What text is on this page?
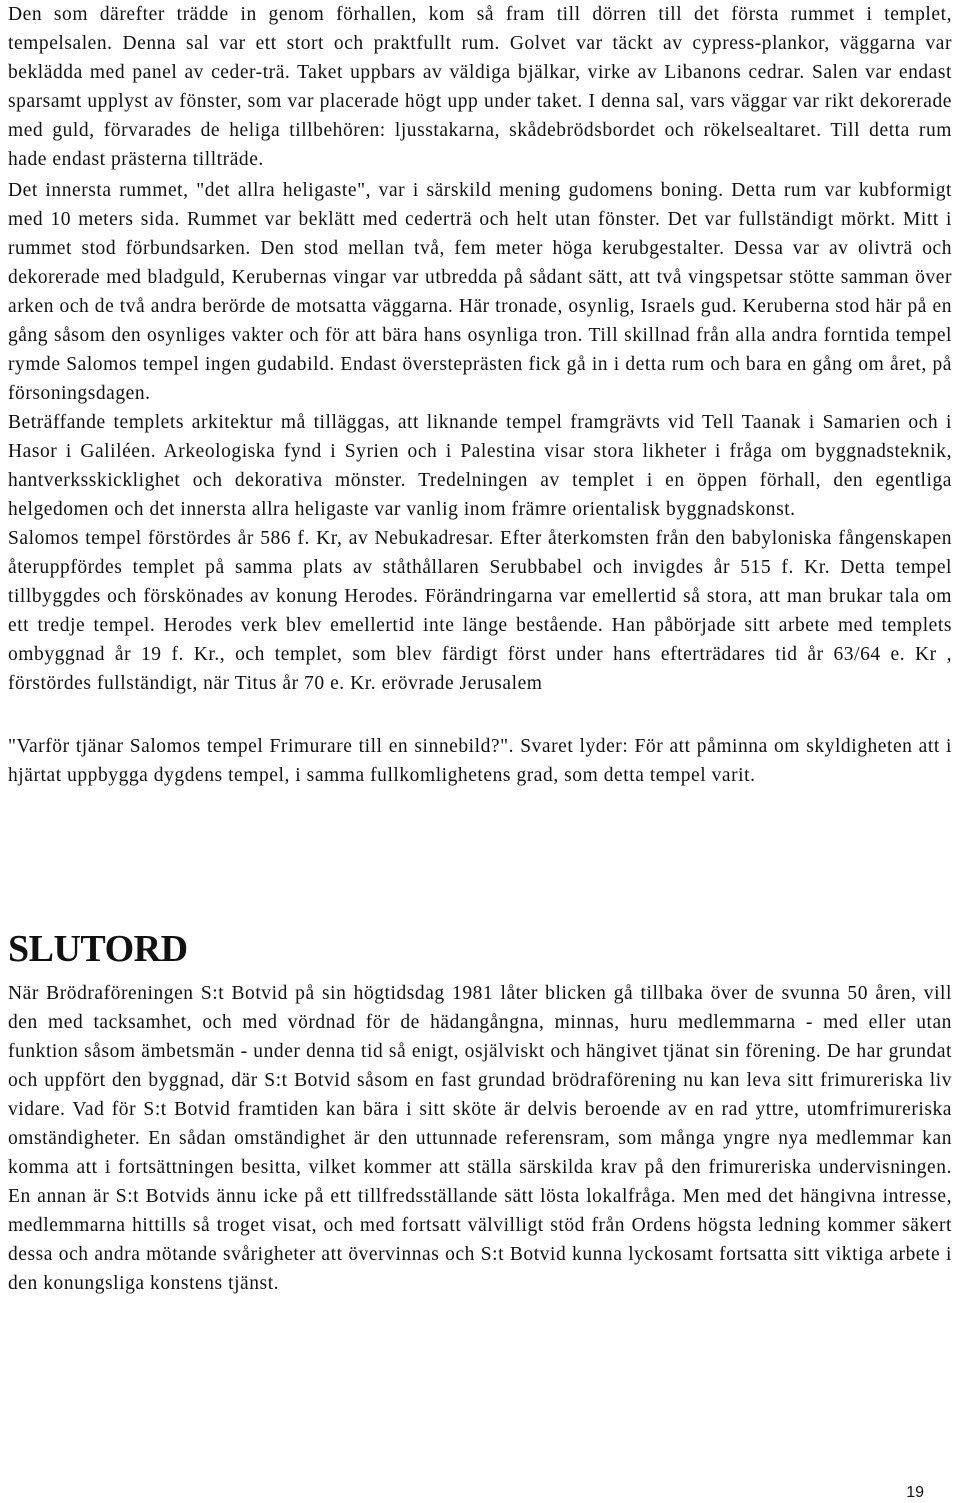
Den som därefter trädde in genom förhallen, kom så fram till dörren till det första rummet i templet, tempelsalen. Denna sal var ett stort och praktfullt rum. Golvet var täckt av cypress-plankor, väggarna var beklädda med panel av ceder-trä. Taket uppbars av väldiga bjälkar, virke av Libanons cedrar. Salen var endast sparsamt upplyst av fönster, som var placerade högt upp under taket. I denna sal, vars väggar var rikt dekorerade med guld, förvarades de heliga tillbehören: ljusstakarna, skådebrödsbordet och rökelsealtaret. Till detta rum hade endast prästerna tillträde.

Det innersta rummet, "det allra heligaste", var i särskild mening gudomens boning. Detta rum var kubformigt med 10 meters sida. Rummet var beklätt med cederträ och helt utan fönster. Det var fullständigt mörkt. Mitt i rummet stod förbundsarken. Den stod mellan två, fem meter höga kerubgestalter. Dessa var av olivträ och dekorerade med bladguld, Kerubernas vingar var utbredda på sådant sätt, att två vingspetsar stötte samman över arken och de två andra berörde de motsatta väggarna. Här tronade, osynlig, Israels gud. Keruberna stod här på en gång såsom den osynliges vakter och för att bära hans osynliga tron. Till skillnad från alla andra forntida tempel rymde Salomos tempel ingen gudabild. Endast översteprästen fick gå in i detta rum och bara en gång om året, på försoningsdagen.

Beträffande templets arkitektur må tilläggas, att liknande tempel framgrävts vid Tell Taanak i Samarien och i Hasor i Galiléen. Arkeologiska fynd i Syrien och i Palestina visar stora likheter i fråga om byggnadsteknik, hantverksskicklighet och dekorativa mönster. Tredelningen av templet i en öppen förhall, den egentliga helgedomen och det innersta allra heligaste var vanlig inom främre orientalisk byggnadskonst.

Salomos tempel förstördes år 586 f. Kr, av Nebukadresar. Efter återkomsten från den babyloniska fångenskapen återuppfördes templet på samma plats av ståthållaren Serubbabel och invigdes år 515 f. Kr. Detta tempel tillbyggdes och förskönades av konung Herodes. Förändringarna var emellertid så stora, att man brukar tala om ett tredje tempel. Herodes verk blev emellertid inte länge bestående. Han påbörjade sitt arbete med templets ombyggnad år 19 f. Kr., och templet, som blev färdigt först under hans efterträdares tid år 63/64 e. Kr , förstördes fullständigt, när Titus år 70 e. Kr. erövrade Jerusalem

"Varför tjänar Salomos tempel Frimurare till en sinnebild?". Svaret lyder: För att påminna om skyldigheten att i hjärtat uppbygga dygdens tempel, i samma fullkomlighetens grad, som detta tempel varit.

SLUTORD

När Brödraföreningen S:t Botvid på sin högtidsdag 1981 låter blicken gå tillbaka över de svunna 50 åren, vill den med tacksamhet, och med vördnad för de hädangångna, minnas, huru medlemmarna - med eller utan funktion såsom ämbetsmän - under denna tid så enigt, osjälviskt och hängivet tjänat sin förening. De har grundat och uppfört den byggnad, där S:t Botvid såsom en fast grundad brödraförening nu kan leva sitt frimureriska liv vidare. Vad för S:t Botvid framtiden kan bära i sitt sköte är delvis beroende av en rad yttre, utomfrimureriska omständigheter. En sådan omständighet är den uttunnade referensram, som många yngre nya medlemmar kan komma att i fortsättningen besitta, vilket kommer att ställa särskilda krav på den frimureriska undervisningen. En annan är S:t Botvids ännu icke på ett tillfredsställande sätt lösta lokalfråga. Men med det hängivna intresse, medlemmarna hittills så troget visat, och med fortsatt välvilligt stöd från Ordens högsta ledning kommer säkert dessa och andra mötande svårigheter att övervinnas och S:t Botvid kunna lyckosamt fortsatta sitt viktiga arbete i den konungsliga konstens tjänst.

19
